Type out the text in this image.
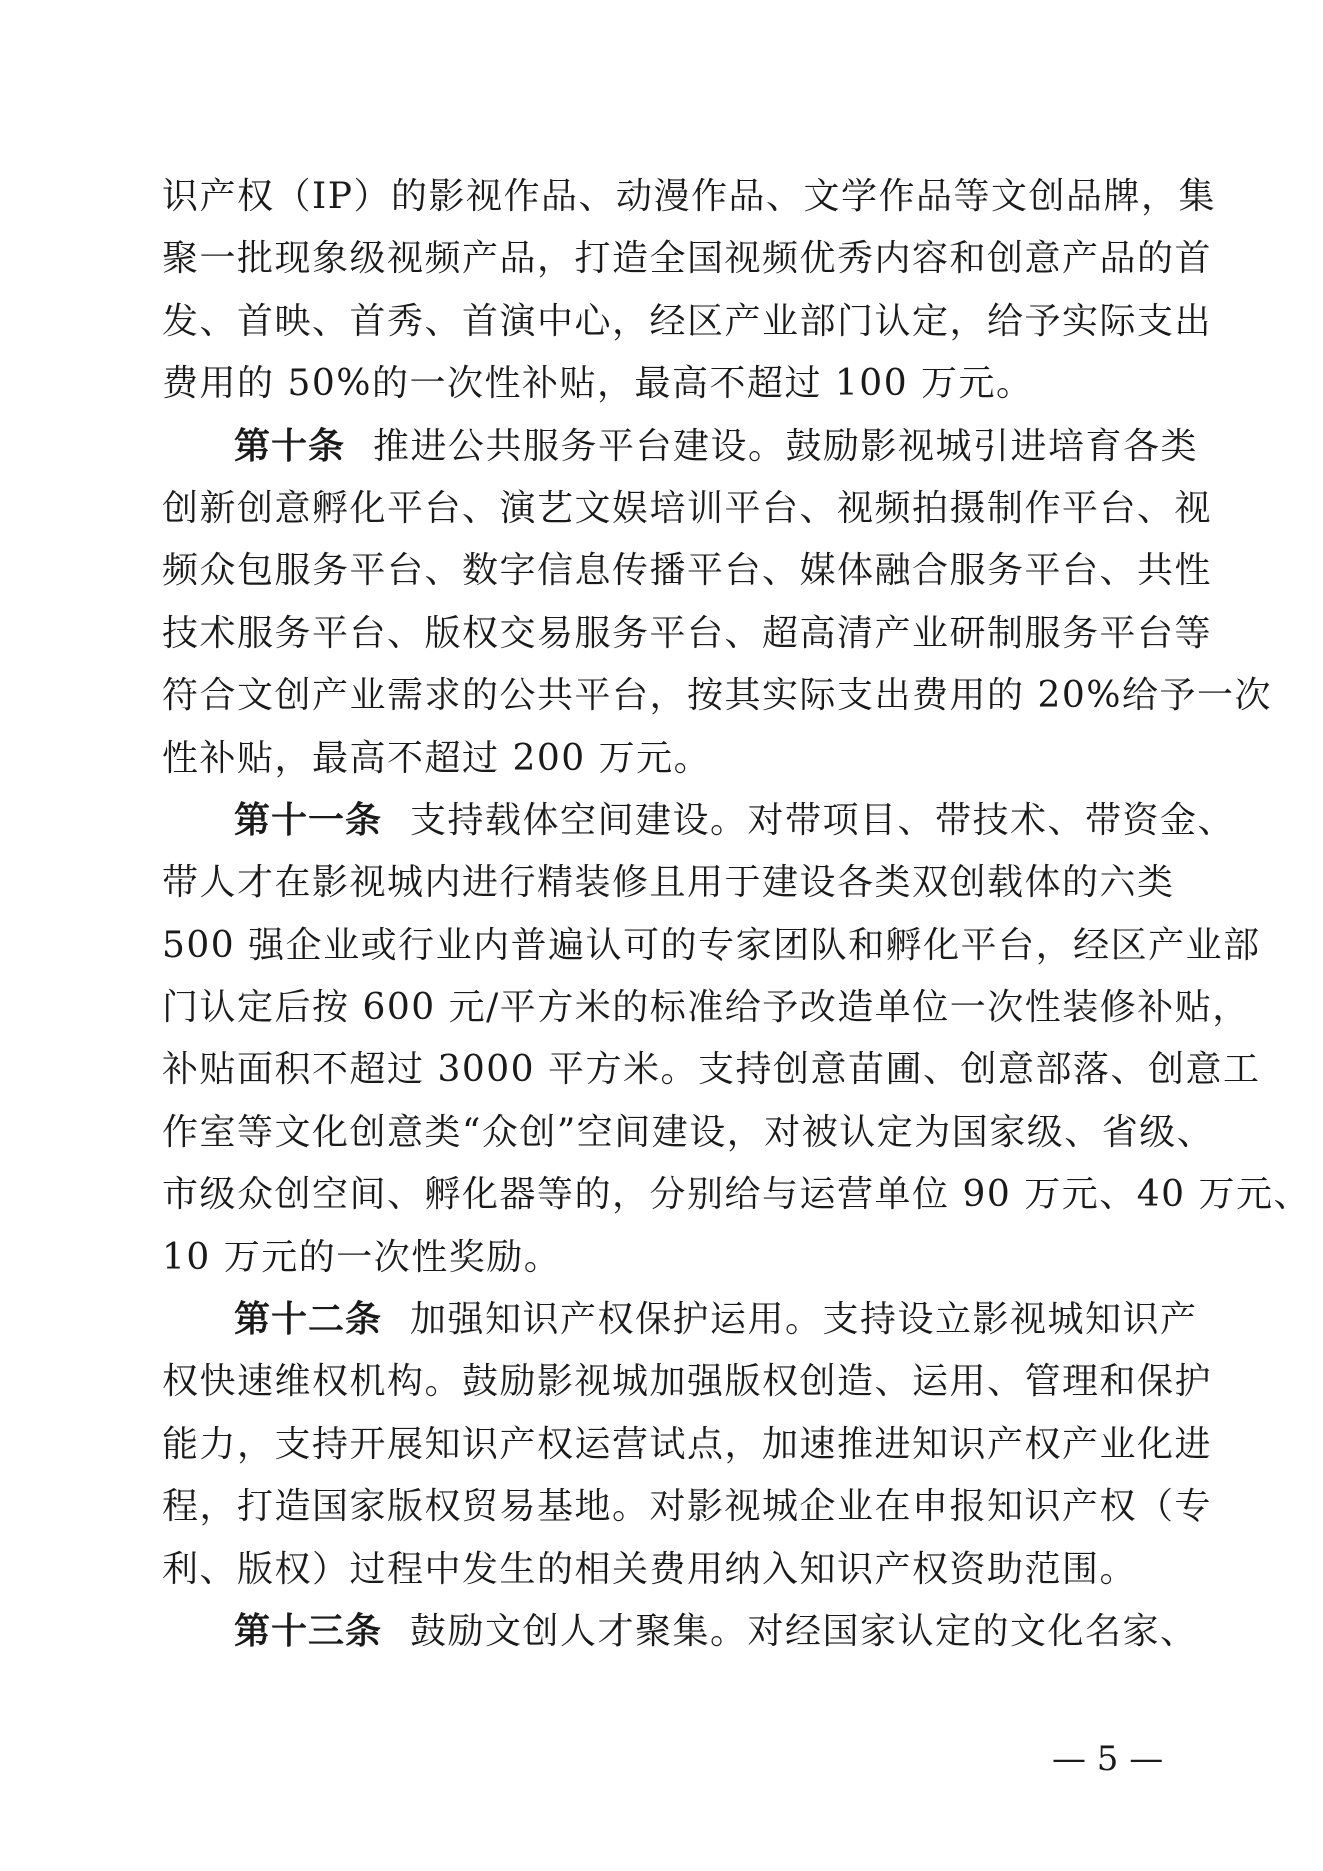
识产权（IP）的影视作品、动漫作品、文学作品等文创品牌，集
聚一批现象级视频产品，打造全国视频优秀内容和创意产品的首
发、首映、首秀、首演中心，经区产业部门认定，给予实际支出
费用的 50%的一次性补贴，最高不超过 100 万元。
第十条 推进公共服务平台建设。鼓励影视城引进培育各类
创新创意孵化平台、演艺文娱培训平台、视频拍摄制作平台、视
频众包服务平台、数字信息传播平台、媒体融合服务平台、共性
技术服务平台、版权交易服务平台、超高清产业研制服务平台等
符合文创产业需求的公共平台，按其实际支出费用的 20%给予一次
性补贴，最高不超过 200 万元。
第十一条 支持载体空间建设。对带项目、带技术、带资金、
带人才在影视城内进行精装修且用于建设各类双创载体的六类
500 强企业或行业内普遍认可的专家团队和孵化平台，经区产业部
门认定后按 600 元/平方米的标准给予改造单位一次性装修补贴，
补贴面积不超过 3000 平方米。支持创意苗圃、创意部落、创意工
作室等文化创意类“众创”空间建设，对被认定为国家级、省级、
市级众创空间、孵化器等的，分别给与运营单位 90 万元、40 万元、
10 万元的一次性奖励。
第十二条 加强知识产权保护运用。支持设立影视城知识产
权快速维权机构。鼓励影视城加强版权创造、运用、管理和保护
能力，支持开展知识产权运营试点，加速推进知识产权产业化进
程，打造国家版权贸易基地。对影视城企业在申报知识产权（专
利、版权）过程中发生的相关费用纳入知识产权资助范围。
第十三条 鼓励文创人才聚集。对经国家认定的文化名家、
— 5 —
